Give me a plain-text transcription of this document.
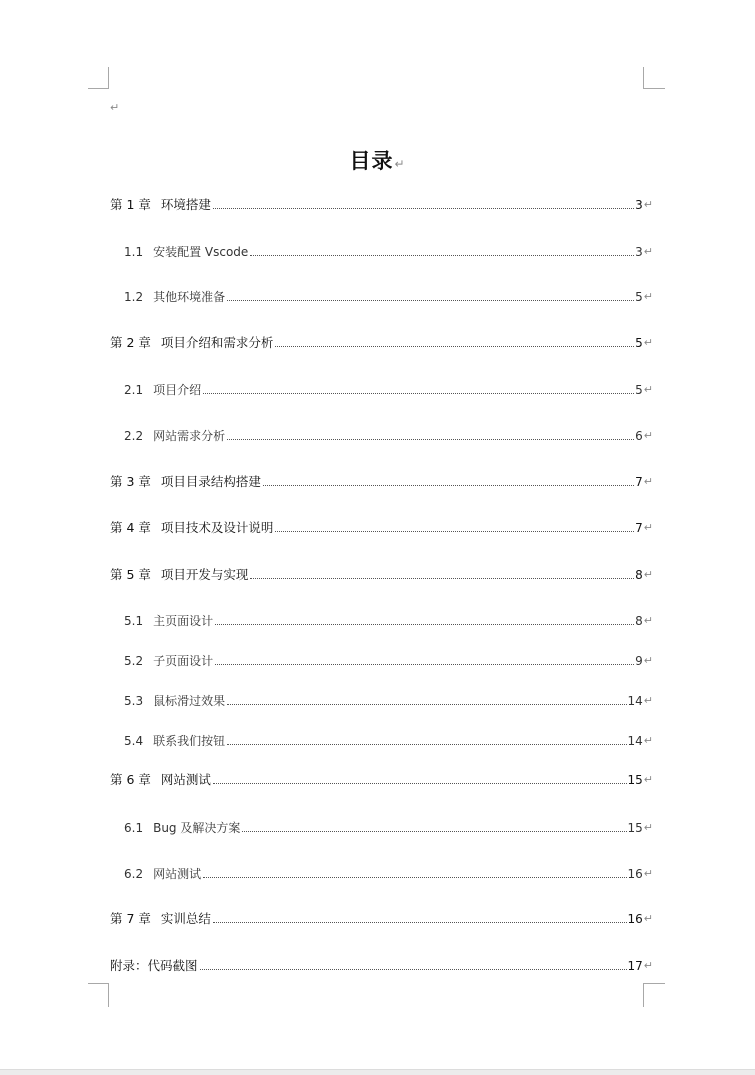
↵
目录↵
第 1 章 环境搭建	3 ↵
1.1 安装配置 Vscode	3 ↵
1.2 其他环境准备	5 ↵
第 2 章 项目介绍和需求分析	5 ↵
2.1 项目介绍	5 ↵
2.2 网站需求分析	6 ↵
第 3 章 项目目录结构搭建	7 ↵
第 4 章 项目技术及设计说明	7 ↵
第 5 章 项目开发与实现	8 ↵
5.1 主页面设计	8 ↵
5.2 子页面设计	9 ↵
5.3 鼠标滑过效果	14 ↵
5.4 联系我们按钮	14 ↵
第 6 章 网站测试	15 ↵
6.1 Bug 及解决方案	15 ↵
6.2 网站测试	16 ↵
第 7 章 实训总结	16 ↵
附录：代码截图	17 ↵
